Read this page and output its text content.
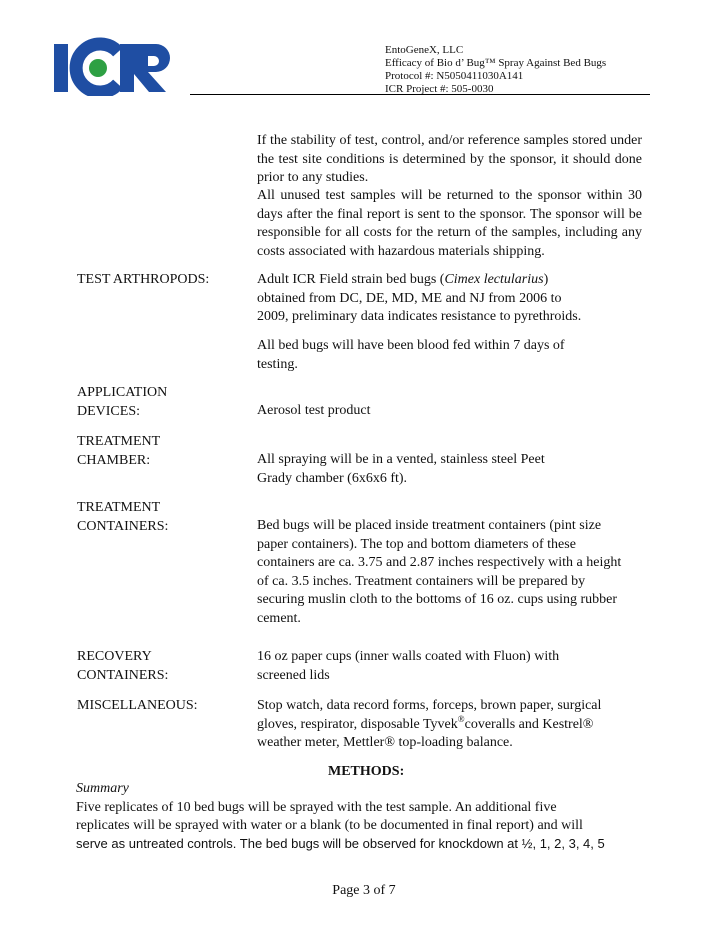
EntoGeneX, LLC
Efficacy of Bio d’ Bug™ Spray Against Bed Bugs
Protocol #: N5050411030A141
ICR Project #: 505-0030
If the stability of test, control, and/or reference samples stored under the test site conditions is determined by the sponsor, it should done prior to any studies.
All unused test samples will be returned to the sponsor within 30 days after the final report is sent to the sponsor. The sponsor will be responsible for all costs for the return of the samples, including any costs associated with hazardous materials shipping.
TEST ARTHROPODS:	Adult ICR Field strain bed bugs (Cimex lectularius)
obtained from DC, DE, MD, ME and NJ from 2006 to
2009, preliminary data indicates resistance to pyrethroids.
All bed bugs will have been blood fed within 7 days of
testing.
APPLICATION
DEVICES:	Aerosol test product
TREATMENT
CHAMBER:	All spraying will be in a vented, stainless steel Peet
Grady chamber (6x6x6 ft).
TREATMENT
CONTAINERS:	Bed bugs will be placed inside treatment containers (pint size
paper containers). The top and bottom diameters of these
containers are ca. 3.75 and 2.87 inches respectively with a height
of ca. 3.5 inches. Treatment containers will be prepared by
securing muslin cloth to the bottoms of 16 oz. cups using rubber
cement.
RECOVERY
CONTAINERS:
16 oz paper cups (inner walls coated with Fluon) with
screened lids
MISCELLANEOUS:	Stop watch, data record forms, forceps, brown paper, surgical
gloves, respirator, disposable Tyvek®coveralls and Kestrel®
weather meter, Mettler® top-loading balance.
METHODS:
Summary
Five replicates of 10 bed bugs will be sprayed with the test sample. An additional five
replicates will be sprayed with water or a blank (to be documented in final report) and will
serve as untreated controls. The bed bugs will be observed for knockdown at ½, 1, 2, 3, 4, 5
Page 3 of 7
